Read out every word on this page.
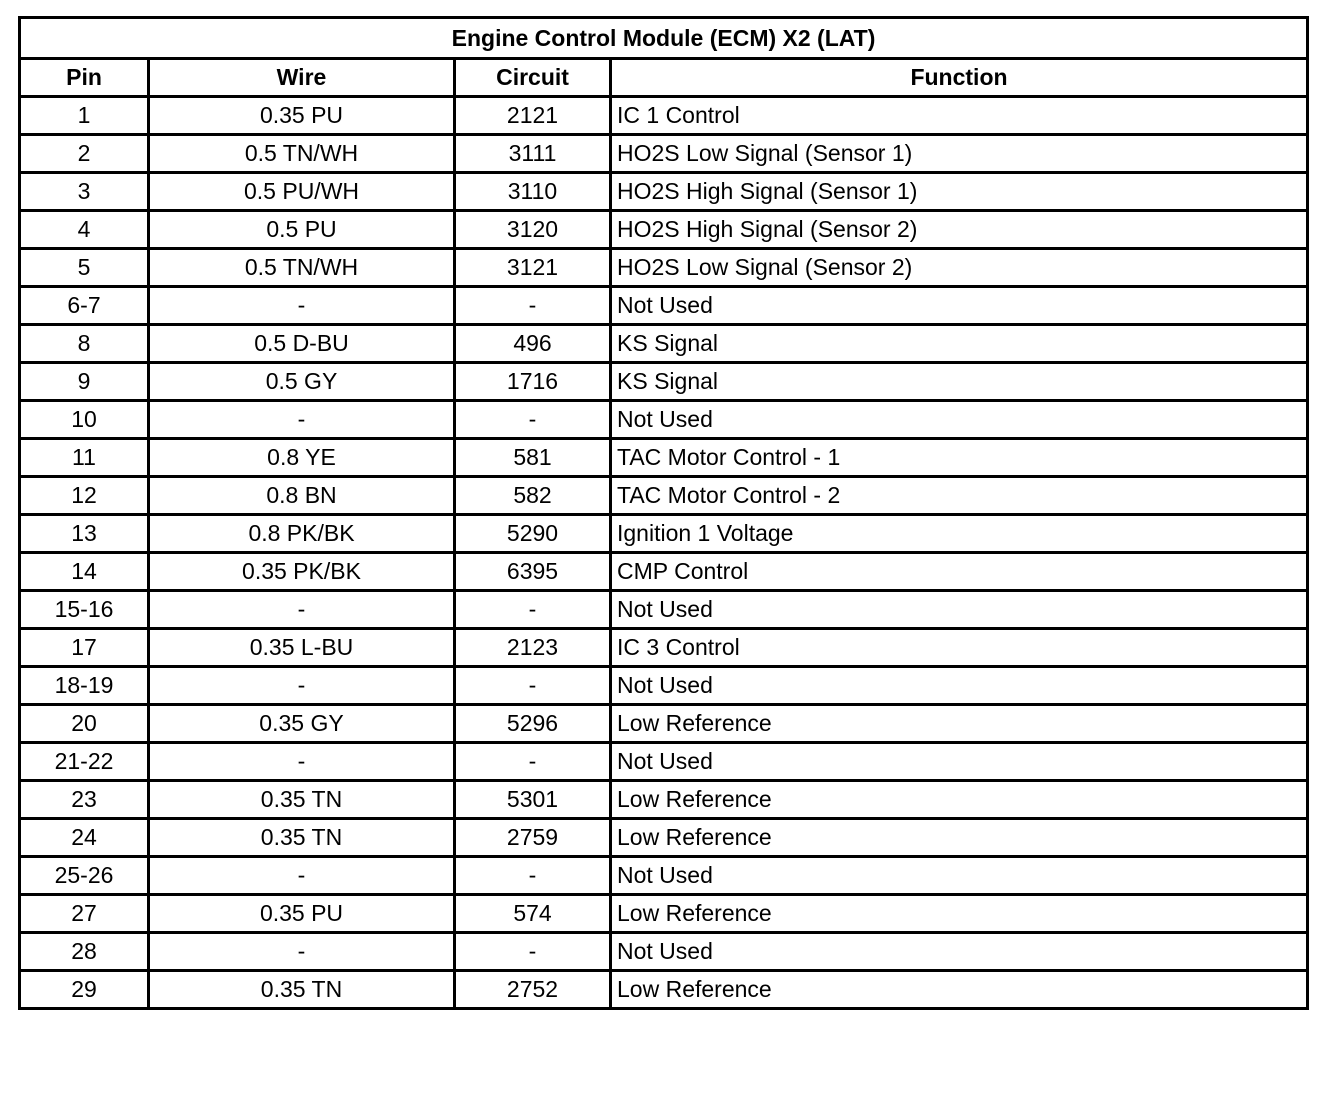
Engine Control Module (ECM) X2 (LAT)			
Pin	Wire	Circuit	Function
1	0.35 PU	2121	IC 1 Control
2	0.5 TN/WH	3111	HO2S Low Signal (Sensor 1)
3	0.5 PU/WH	3110	HO2S High Signal (Sensor 1)
4	0.5 PU	3120	HO2S High Signal (Sensor 2)
5	0.5 TN/WH	3121	HO2S Low Signal (Sensor 2)
6-7	-	-	Not Used
8	0.5 D-BU	496	KS Signal
9	0.5 GY	1716	KS Signal
10	-	-	Not Used
11	0.8 YE	581	TAC Motor Control - 1
12	0.8 BN	582	TAC Motor Control - 2
13	0.8 PK/BK	5290	Ignition 1 Voltage
14	0.35 PK/BK	6395	CMP Control
15-16	-	-	Not Used
17	0.35 L-BU	2123	IC 3 Control
18-19	-	-	Not Used
20	0.35 GY	5296	Low Reference
21-22	-	-	Not Used
23	0.35 TN	5301	Low Reference
24	0.35 TN	2759	Low Reference
25-26	-	-	Not Used
27	0.35 PU	574	Low Reference
28	-	-	Not Used
29	0.35 TN	2752	Low Reference
